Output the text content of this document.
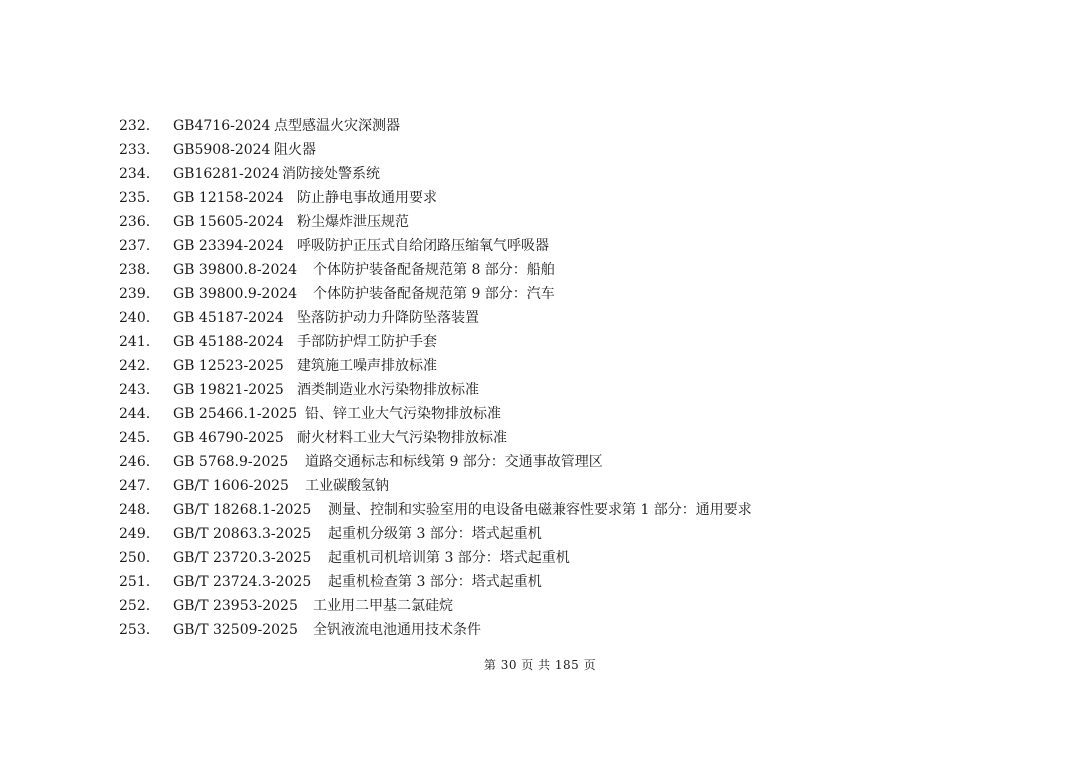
232. GB4716-2024 点型感温火灾深测器
233. GB5908-2024 阻火器
234. GB16281-2024 消防接处警系统
235. GB 12158-2024 防止静电事故通用要求
236. GB 15605-2024 粉尘爆炸泄压规范
237. GB 23394-2024 呼吸防护正压式自给闭路压缩氧气呼吸器
238. GB 39800.8-2024 个体防护装备配备规范第 8 部分：船舶
239. GB 39800.9-2024 个体防护装备配备规范第 9 部分：汽车
240. GB 45187-2024 坠落防护动力升降防坠落装置
241. GB 45188-2024 手部防护焊工防护手套
242. GB 12523-2025 建筑施工噪声排放标准
243. GB 19821-2025 酒类制造业水污染物排放标准
244. GB 25466.1-2025 铅、锌工业大气污染物排放标准
245. GB 46790-2025 耐火材料工业大气污染物排放标准
246. GB 5768.9-2025 道路交通标志和标线第 9 部分：交通事故管理区
247. GB/T 1606-2025 工业碳酸氢钠
248. GB/T 18268.1-2025 测量、控制和实验室用的电设备电磁兼容性要求第 1 部分：通用要求
249. GB/T 20863.3-2025 起重机分级第 3 部分：塔式起重机
250. GB/T 23720.3-2025 起重机司机培训第 3 部分：塔式起重机
251. GB/T 23724.3-2025 起重机检查第 3 部分：塔式起重机
252. GB/T 23953-2025 工业用二甲基二氯硅烷
253. GB/T 32509-2025 全钒液流电池通用技术条件
第 30 页 共 185 页
